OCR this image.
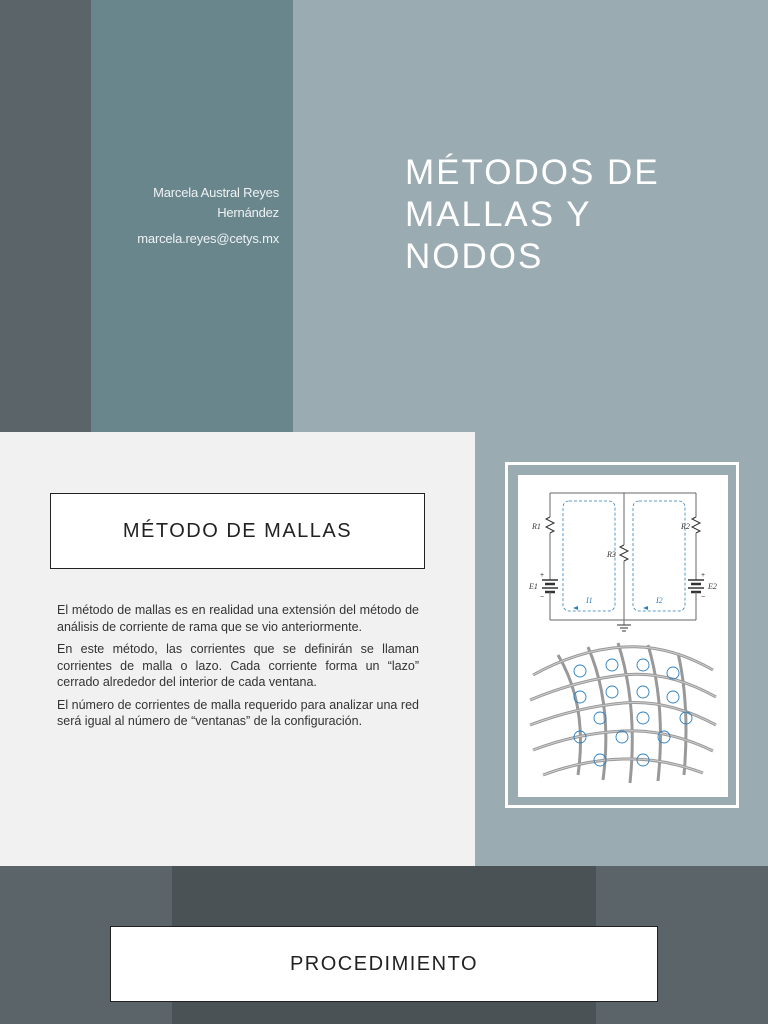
Marcela Austral Reyes
Hernández
marcela.reyes@cetys.mx
MÉTODOS DE
MALLAS Y
NODOS
MÉTODO DE MALLAS

El método de mallas es en realidad una extensión del método de análisis de corriente de rama que se vio anteriormente.

En este método, las corrientes que se definirán se llaman corrientes de malla o lazo. Cada corriente forma un “lazo” cerrado alrededor del interior de cada ventana.

El número de corrientes de malla requerido para analizar una red será igual al número de “ventanas” de la configuración.

R1	R2
R3
E1	E2
I1	I2
+
−
+
−
PROCEDIMIENTO
